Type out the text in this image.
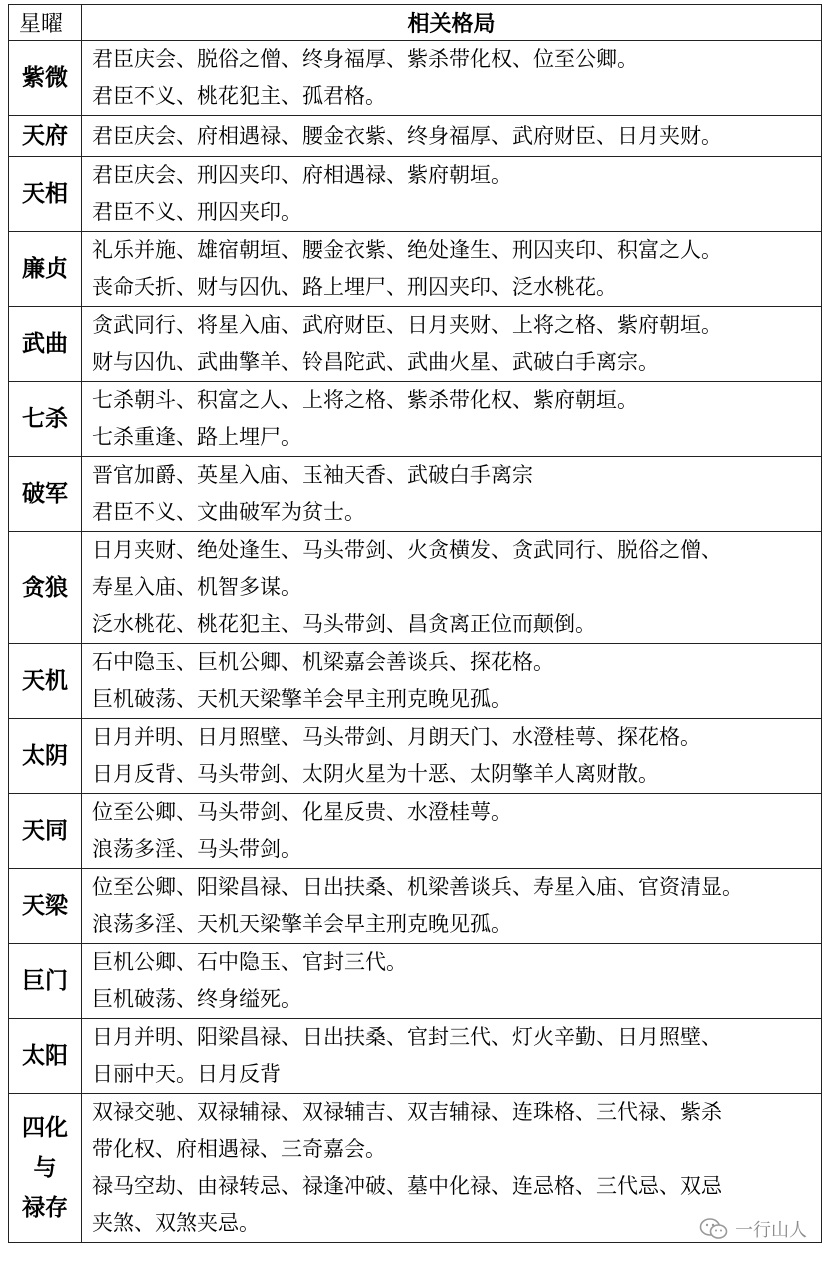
星曜	相关格局
紫微	君臣庆会、脱俗之僧、终身福厚、紫杀带化权、位至公卿。
君臣不义、桃花犯主、孤君格。

天府	君臣庆会、府相遇禄、腰金衣紫、终身福厚、武府财臣、日月夹财。

天相	君臣庆会、刑囚夹印、府相遇禄、紫府朝垣。
君臣不义、刑囚夹印。

廉贞	礼乐并施、雄宿朝垣、腰金衣紫、绝处逢生、刑囚夹印、积富之人。
丧命夭折、财与囚仇、路上埋尸、刑囚夹印、泛水桃花。

武曲	贪武同行、将星入庙、武府财臣、日月夹财、上将之格、紫府朝垣。
财与囚仇、武曲擎羊、铃昌陀武、武曲火星、武破白手离宗。

七杀	七杀朝斗、积富之人、上将之格、紫杀带化权、紫府朝垣。
七杀重逢、路上埋尸。

破军	晋官加爵、英星入庙、玉袖天香、武破白手离宗
君臣不义、文曲破军为贫士。

贪狼	日月夹财、绝处逢生、马头带剑、火贪横发、贪武同行、脱俗之僧、
寿星入庙、机智多谋。
泛水桃花、桃花犯主、马头带剑、昌贪离正位而颠倒。

天机	石中隐玉、巨机公卿、机梁嘉会善谈兵、探花格。
巨机破荡、天机天梁擎羊会早主刑克晚见孤。

太阴	日月并明、日月照壁、马头带剑、月朗天门、水澄桂萼、探花格。
日月反背、马头带剑、太阴火星为十恶、太阴擎羊人离财散。

天同	位至公卿、马头带剑、化星反贵、水澄桂萼。
浪荡多淫、马头带剑。

天梁	位至公卿、阳梁昌禄、日出扶桑、机梁善谈兵、寿星入庙、官资清显。
浪荡多淫、天机天梁擎羊会早主刑克晚见孤。

巨门	巨机公卿、石中隐玉、官封三代。
巨机破荡、终身缢死。

太阳	日月并明、阳梁昌禄、日出扶桑、官封三代、灯火辛勤、日月照壁、
日丽中天。日月反背

四化
与
禄存	双禄交驰、双禄辅禄、双禄辅吉、双吉辅禄、连珠格、三代禄、紫杀
带化权、府相遇禄、三奇嘉会。
禄马空劫、由禄转忌、禄逢冲破、墓中化禄、连忌格、三代忌、双忌
夹煞、双煞夹忌。	一行山人
